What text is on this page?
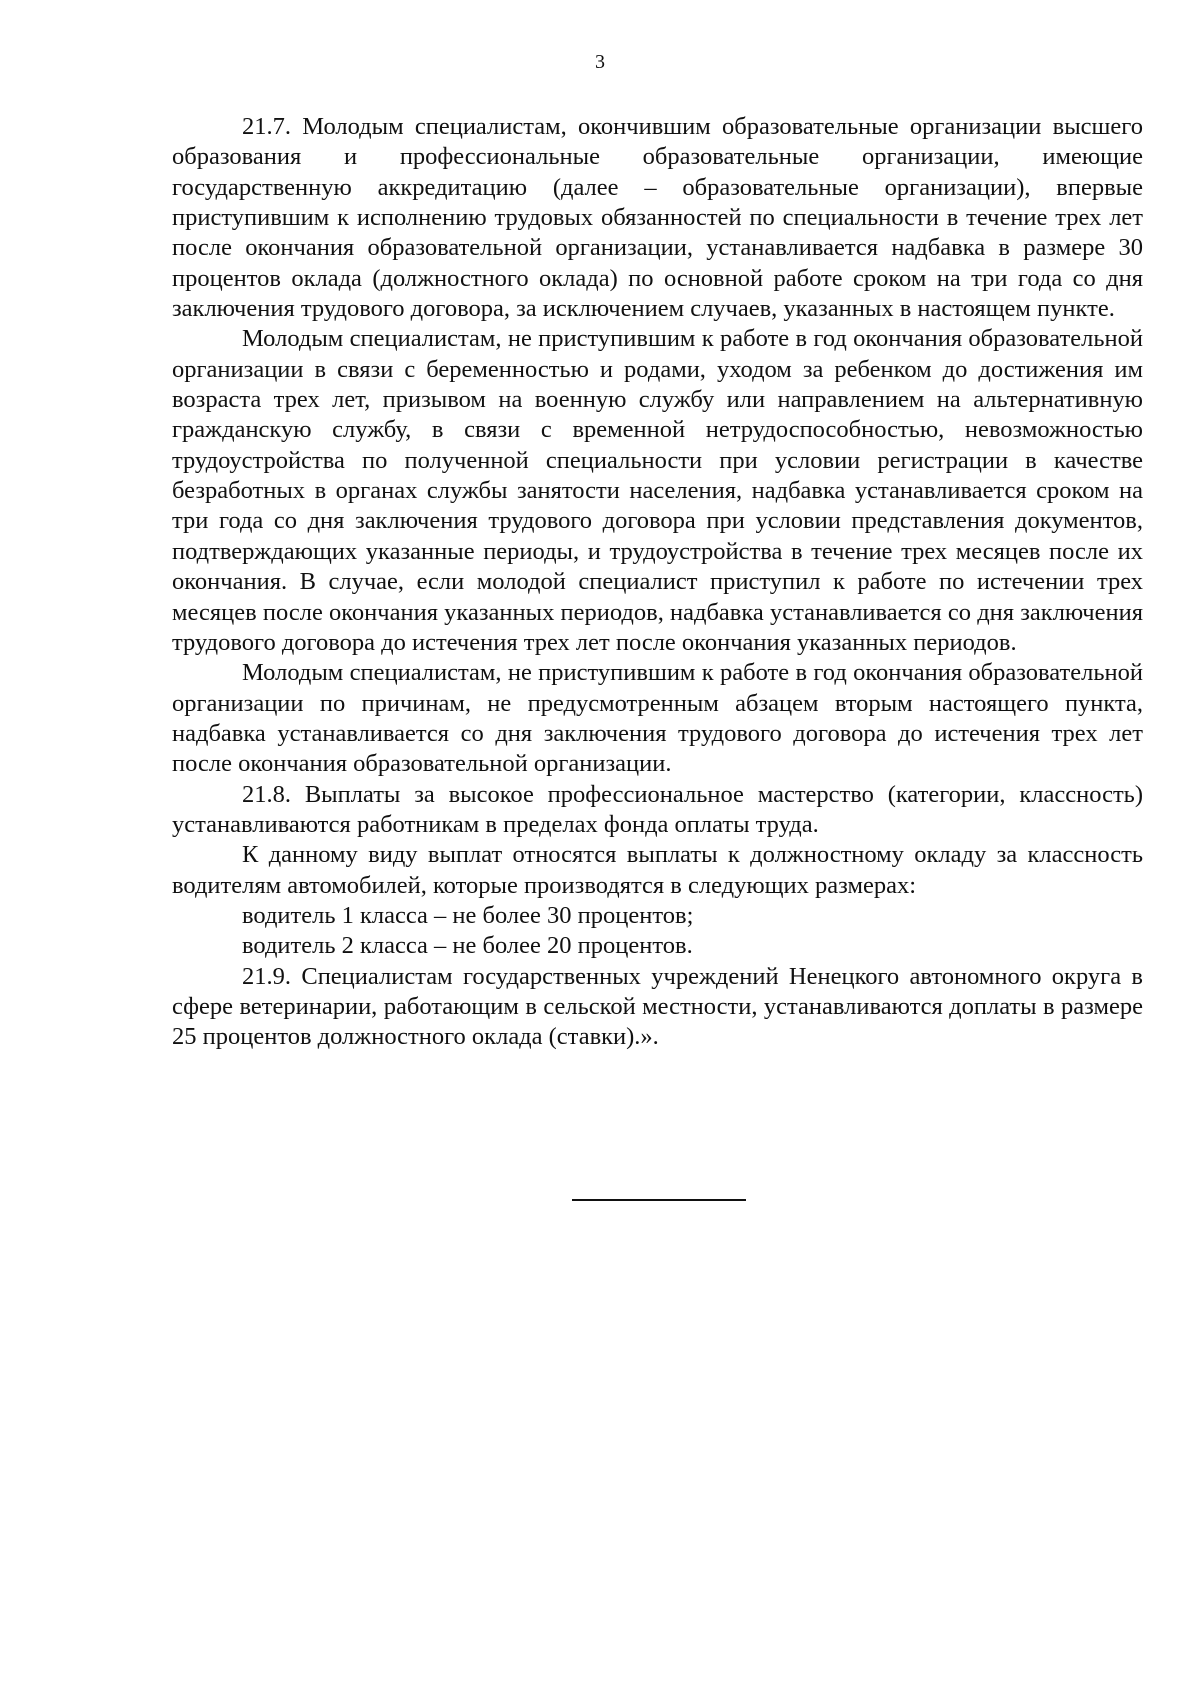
3

21.7. Молодым специалистам, окончившим образовательные организации высшего образования и профессиональные образовательные организации, имеющие государственную аккредитацию (далее – образовательные организации), впервые приступившим к исполнению трудовых обязанностей по специальности в течение трех лет после окончания образовательной организации, устанавливается надбавка в размере 30 процентов оклада (должностного оклада) по основной работе сроком на три года со дня заключения трудового договора, за исключением случаев, указанных в настоящем пункте.

Молодым специалистам, не приступившим к работе в год окончания образовательной организации в связи с беременностью и родами, уходом за ребенком до достижения им возраста трех лет, призывом на военную службу или направлением на альтернативную гражданскую службу, в связи с временной нетрудоспособностью, невозможностью трудоустройства по полученной специальности при условии регистрации в качестве безработных в органах службы занятости населения, надбавка устанавливается сроком на три года со дня заключения трудового договора при условии представления документов, подтверждающих указанные периоды, и трудоустройства в течение трех месяцев после их окончания. В случае, если молодой специалист приступил к работе по истечении трех месяцев после окончания указанных периодов, надбавка устанавливается со дня заключения трудового договора до истечения трех лет после окончания указанных периодов.

Молодым специалистам, не приступившим к работе в год окончания образовательной организации по причинам, не предусмотренным абзацем вторым настоящего пункта, надбавка устанавливается со дня заключения трудового договора до истечения трех лет после окончания образовательной организации.

21.8. Выплаты за высокое профессиональное мастерство (категории, классность) устанавливаются работникам в пределах фонда оплаты труда.

К данному виду выплат относятся выплаты к должностному окладу за классность водителям автомобилей, которые производятся в следующих размерах:

водитель 1 класса – не более 30 процентов;

водитель 2 класса – не более 20 процентов.

21.9. Специалистам государственных учреждений Ненецкого автономного округа в сфере ветеринарии, работающим в сельской местности, устанавливаются доплаты в размере 25 процентов должностного оклада (ставки).».
